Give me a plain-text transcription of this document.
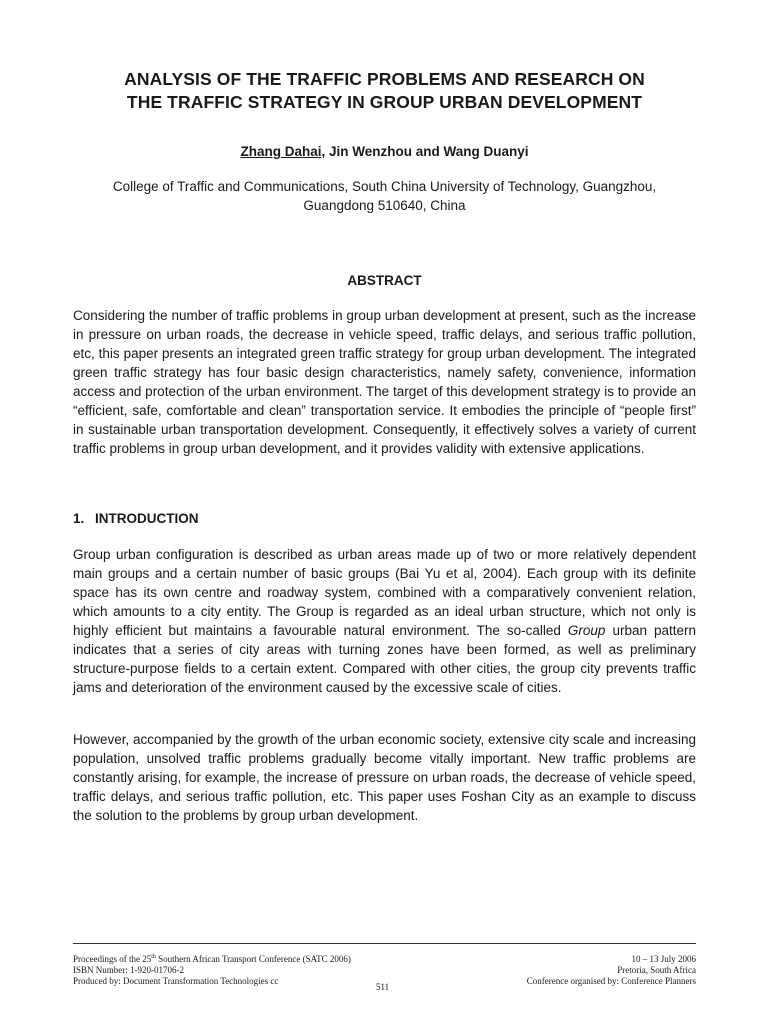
ANALYSIS OF THE TRAFFIC PROBLEMS AND RESEARCH ON
THE TRAFFIC STRATEGY IN GROUP URBAN DEVELOPMENT

Zhang Dahai, Jin Wenzhou and Wang Duanyi

College of Traffic and Communications, South China University of Technology, Guangzhou,
Guangdong 510640, China

ABSTRACT

Considering the number of traffic problems in group urban development at present, such as the increase in pressure on urban roads, the decrease in vehicle speed, traffic delays, and serious traffic pollution, etc, this paper presents an integrated green traffic strategy for group urban development. The integrated green traffic strategy has four basic design characteristics, namely safety, convenience, information access and protection of the urban environment. The target of this development strategy is to provide an “efficient, safe, comfortable and clean” transportation service. It embodies the principle of “people first” in sustainable urban transportation development. Consequently, it effectively solves a variety of current traffic problems in group urban development, and it provides validity with extensive applications.

1. INTRODUCTION

Group urban configuration is described as urban areas made up of two or more relatively dependent main groups and a certain number of basic groups (Bai Yu et al, 2004). Each group with its definite space has its own centre and roadway system, combined with a comparatively convenient relation, which amounts to a city entity. The Group is regarded as an ideal urban structure, which not only is highly efficient but maintains a favourable natural environment. The so-called Group urban pattern indicates that a series of city areas with turning zones have been formed, as well as preliminary structure-purpose fields to a certain extent. Compared with other cities, the group city prevents traffic jams and deterioration of the environment caused by the excessive scale of cities.

However, accompanied by the growth of the urban economic society, extensive city scale and increasing population, unsolved traffic problems gradually become vitally important. New traffic problems are constantly arising, for example, the increase of pressure on urban roads, the decrease of vehicle speed, traffic delays, and serious traffic pollution, etc. This paper uses Foshan City as an example to discuss the solution to the problems by group urban development.

Proceedings of the 25th Southern African Transport Conference (SATC 2006)
ISBN Number: 1-920-01706-2
Produced by: Document Transformation Technologies cc
10 – 13 July 2006
Pretoria, South Africa
Conference organised by: Conference Planners
511
